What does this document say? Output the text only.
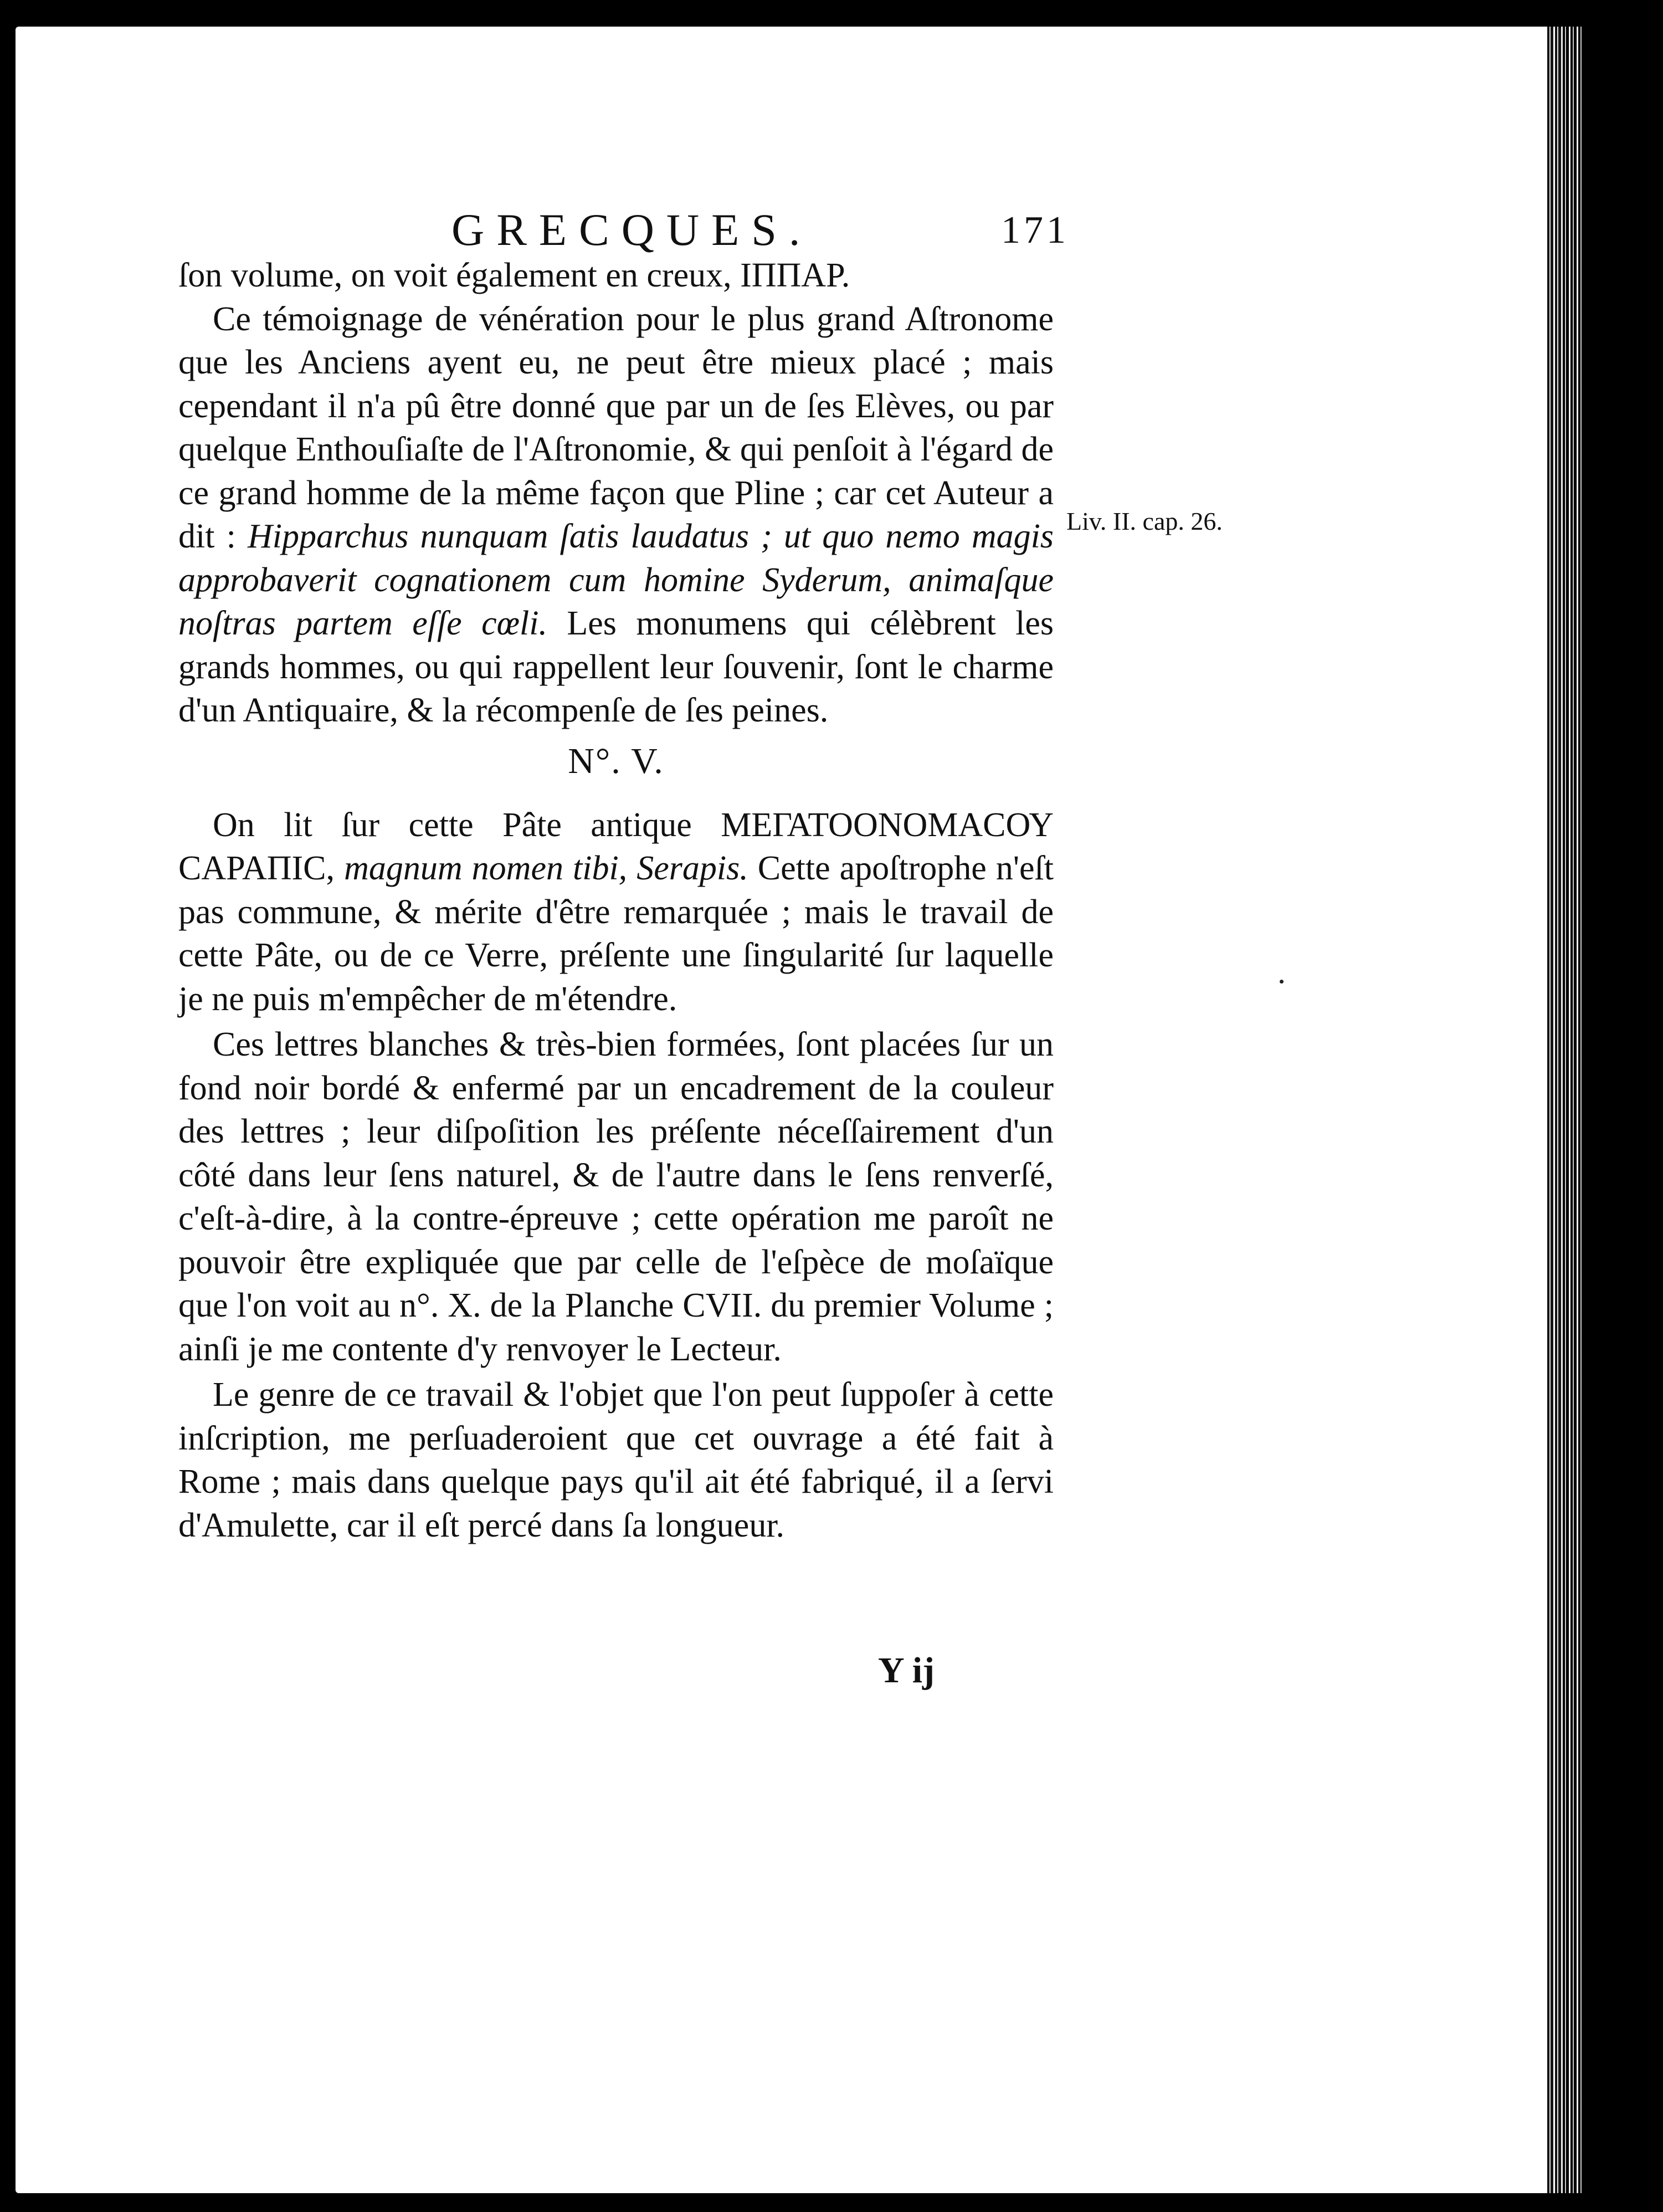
GRECQUES.	171

ſon volume, on voit également en creux, ΙΠΠΑΡ.

Ce témoignage de vénération pour le plus grand Aſtronome que les Anciens ayent eu, ne peut être mieux placé ; mais cependant il n'a pû être donné que par un de ſes Elèves, ou par quelque Enthouſiaſte de l'Aſtronomie, & qui penſoit à l'égard de ce grand homme de la même façon que Pline ; car cet Auteur a dit : Hipparchus nunquam ſatis laudatus ; ut quo nemo magis approbaverit cognationem cum homine Syderum, animaſque noſtras partem eſſe cœli. Les monumens qui célèbrent les grands hommes, ou qui rappellent leur ſouvenir, ſont le charme d'un Antiquaire, & la récompenſe de ſes peines.

N°. V.

On lit ſur cette Pâte antique ΜΕΓΑΤΟΟΝΟΜΑCΟΥ CΑΡΑΠΙC, magnum nomen tibi, Serapis. Cette apoſtrophe n'eſt pas commune, & mérite d'être remarquée ; mais le travail de cette Pâte, ou de ce Verre, préſente une ſingularité ſur laquelle je ne puis m'empêcher de m'étendre.

Ces lettres blanches & très-bien formées, ſont placées ſur un fond noir bordé & enfermé par un encadrement de la couleur des lettres ; leur diſpoſition les préſente néceſſairement d'un côté dans leur ſens naturel, & de l'autre dans le ſens renverſé, c'eſt-à-dire, à la contre-épreuve ; cette opération me paroît ne pouvoir être expliquée que par celle de l'eſpèce de moſaïque que l'on voit au n°. X. de la Planche CVII. du premier Volume ; ainſi je me contente d'y renvoyer le Lecteur.

Le genre de ce travail & l'objet que l'on peut ſuppoſer à cette inſcription, me perſuaderoient que cet ouvrage a été fait à Rome ; mais dans quelque pays qu'il ait été fabriqué, il a ſervi d'Amulette, car il eſt percé dans ſa longueur.

Liv. II. cap. 26.
Y ij
